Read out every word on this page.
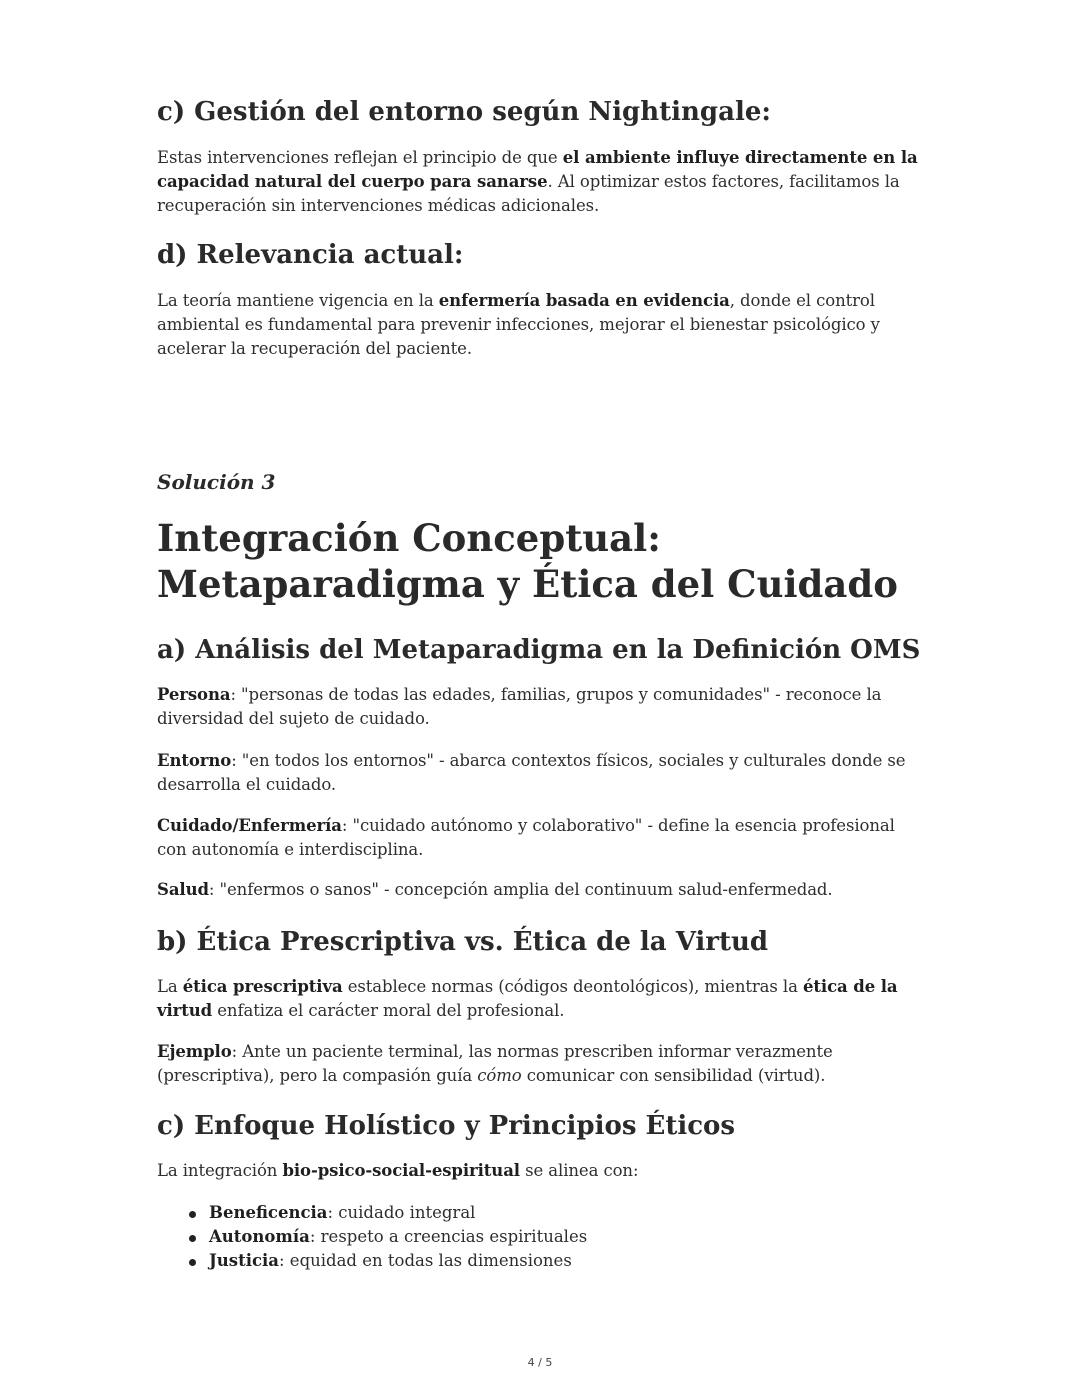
c) Gestión del entorno según Nightingale:

Estas intervenciones reflejan el principio de que el ambiente influye directamente en la capacidad natural del cuerpo para sanarse. Al optimizar estos factores, facilitamos la recuperación sin intervenciones médicas adicionales.

d) Relevancia actual:

La teoría mantiene vigencia en la enfermería basada en evidencia, donde el control ambiental es fundamental para prevenir infecciones, mejorar el bienestar psicológico y acelerar la recuperación del paciente.

Solución 3
Integración Conceptual: Metaparadigma y Ética del Cuidado
a) Análisis del Metaparadigma en la Definición OMS

Persona: "personas de todas las edades, familias, grupos y comunidades" - reconoce la diversidad del sujeto de cuidado.

Entorno: "en todos los entornos" - abarca contextos físicos, sociales y culturales donde se desarrolla el cuidado.

Cuidado/Enfermería: "cuidado autónomo y colaborativo" - define la esencia profesional con autonomía e interdisciplina.

Salud: "enfermos o sanos" - concepción amplia del continuum salud-enfermedad.

b) Ética Prescriptiva vs. Ética de la Virtud

La ética prescriptiva establece normas (códigos deontológicos), mientras la ética de la virtud enfatiza el carácter moral del profesional.

Ejemplo: Ante un paciente terminal, las normas prescriben informar verazmente (prescriptiva), pero la compasión guía cómo comunicar con sensibilidad (virtud).

c) Enfoque Holístico y Principios Éticos

La integración bio-psico-social-espiritual se alinea con:

Beneficencia: cuidado integral
Autonomía: respeto a creencias espirituales
Justicia: equidad en todas las dimensiones
4 / 5
